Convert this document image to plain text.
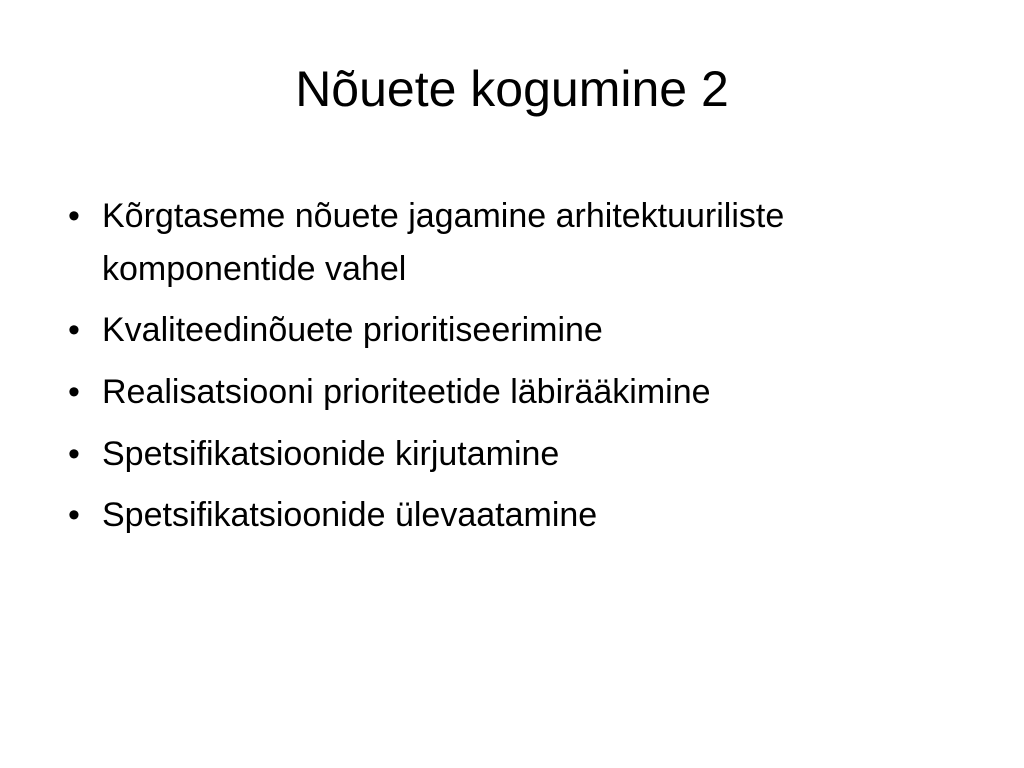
Nõuete kogumine 2
• Kõrgtaseme nõuete jagamine arhitektuuriliste komponentide vahel
• Kvaliteedinõuete prioritiseerimine
• Realisatsiooni prioriteetide läbirääkimine
• Spetsifikatsioonide kirjutamine
• Spetsifikatsioonide ülevaatamine
